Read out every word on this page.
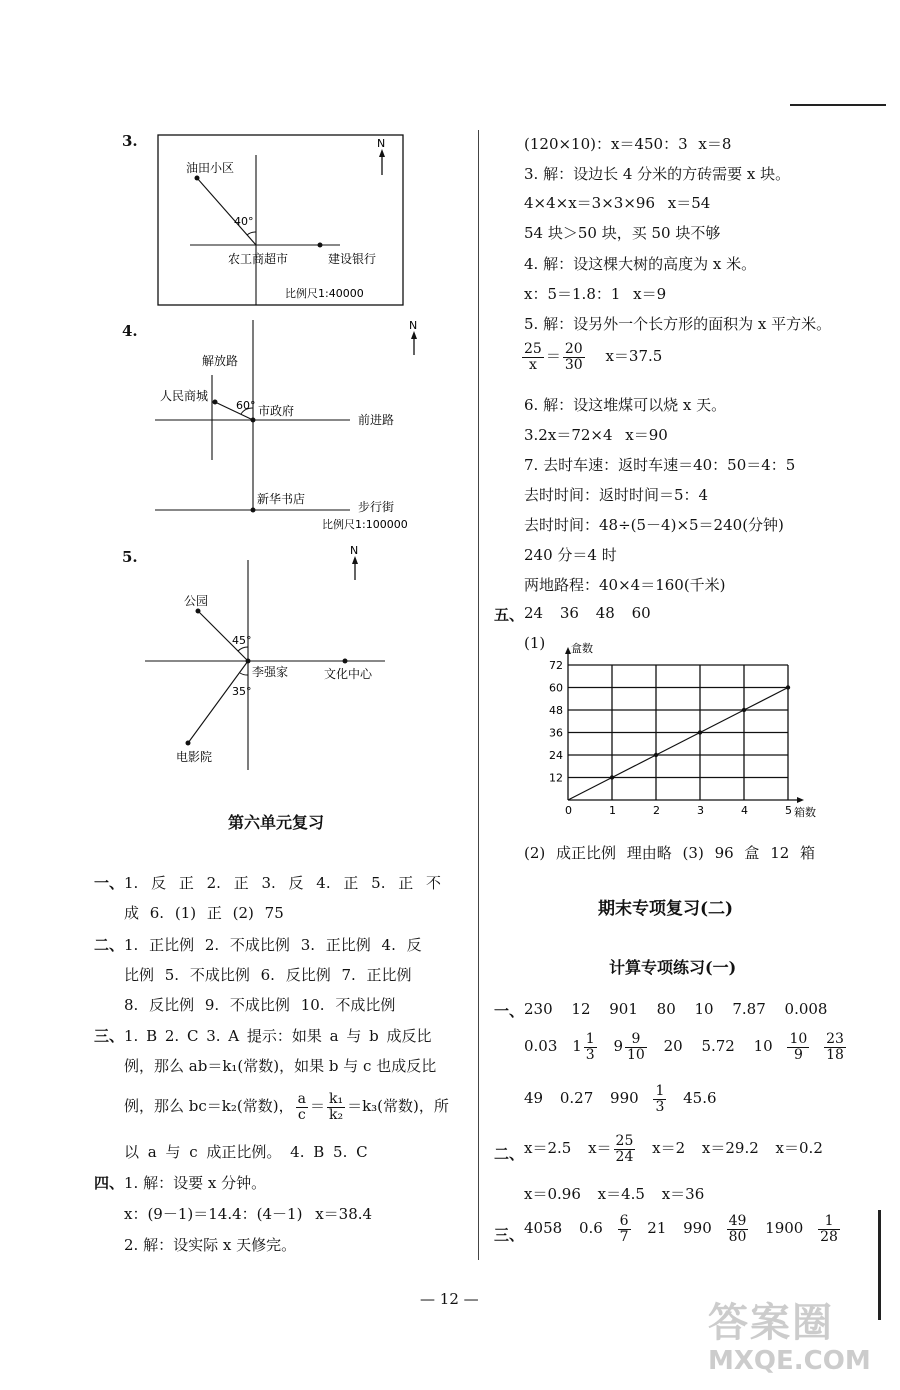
3.	N
油田小区
40°
农工商超市	建设银行
比例尺1:40000
4.	N
解放路
人民商城
60° 市政府
前进路
新华书店
步行街
比例尺1:100000
5.	N
公园
45°
李强家	文化中心
35°
电影院
第六单元复习
一、 1. 反 正 2. 正 3. 反 4. 正 5. 正 不
成 6. (1) 正 (2) 75
二、 1. 正比例 2. 不成比例 3. 正比例 4. 反
比例 5. 不成比例 6. 反比例 7. 正比例
8. 反比例 9. 不成比例 10. 不成比例
三、 1. B 2. C 3. A 提示：如果 a 与 b 成反比
例，那么 ab＝k₁(常数)，如果 b 与 c 也成反比
例，那么 bc＝k₂(常数)， $\frac{a}{c} = \frac{\text{k₁}}{\text{k₂}} =k_3$(常数)，所
以 a 与 c 成正比例。 4. B 5. C
四、 1. 解：设要 x 分钟。
x：(9－1)＝14.4：(4－1) x＝38.4
2. 解：设实际 x 天修完。
(120×10)：x＝450：3 x＝8
3. 解：设边长 4 分米的方砖需要 x 块。
4×4×x＝3×3×96 x＝54
54 块＞50 块，买 50 块不够
4. 解：设这棵大树的高度为 x 米。
x：5＝1.8：1 x＝9
5. 解：设另外一个长方形的面积为 x 平方米。
$\frac{25}{x} = \frac{20}{30} x=37.5$
6. 解：设这堆煤可以烧 x 天。
3.2x＝72×4 x＝90
7. 去时车速：返时车速＝40：50＝4：5
去时时间：返时时间＝5：4
去时时间：48÷(5－4)×5＝240(分钟)
240 分＝4 时
两地路程：40×4＝160(千米)
五、 24 36 48 60
(1)
0	1	2	3	4	5
12
24
36
48
60
72
盒数
箱数
(2) 成正比例 理由略 (3) 96 盒 12 箱
期末专项复习(二)
计算专项练习(一)
一、 230 12 901 80 10 7.87 0.008
0.03 $1 \frac{1}{3} 9 \frac{9}{10} 20$ 5.72 $10 \frac{10}{9}$
$\frac{23}{18}$
49 0.27 $990 \frac{1}{3} 45.6$
二、 x＝2.5 $x= \frac{25}{24} x=2$ x＝29.2 x＝0.2
x＝0.96 x＝4.5 x＝36
三、 4058 $0.6 \frac{6}{7} 21$ $990 \frac{49}{80} 1900 \frac{1}{28}$
— 12 —
答案圈
MXQE.COM
